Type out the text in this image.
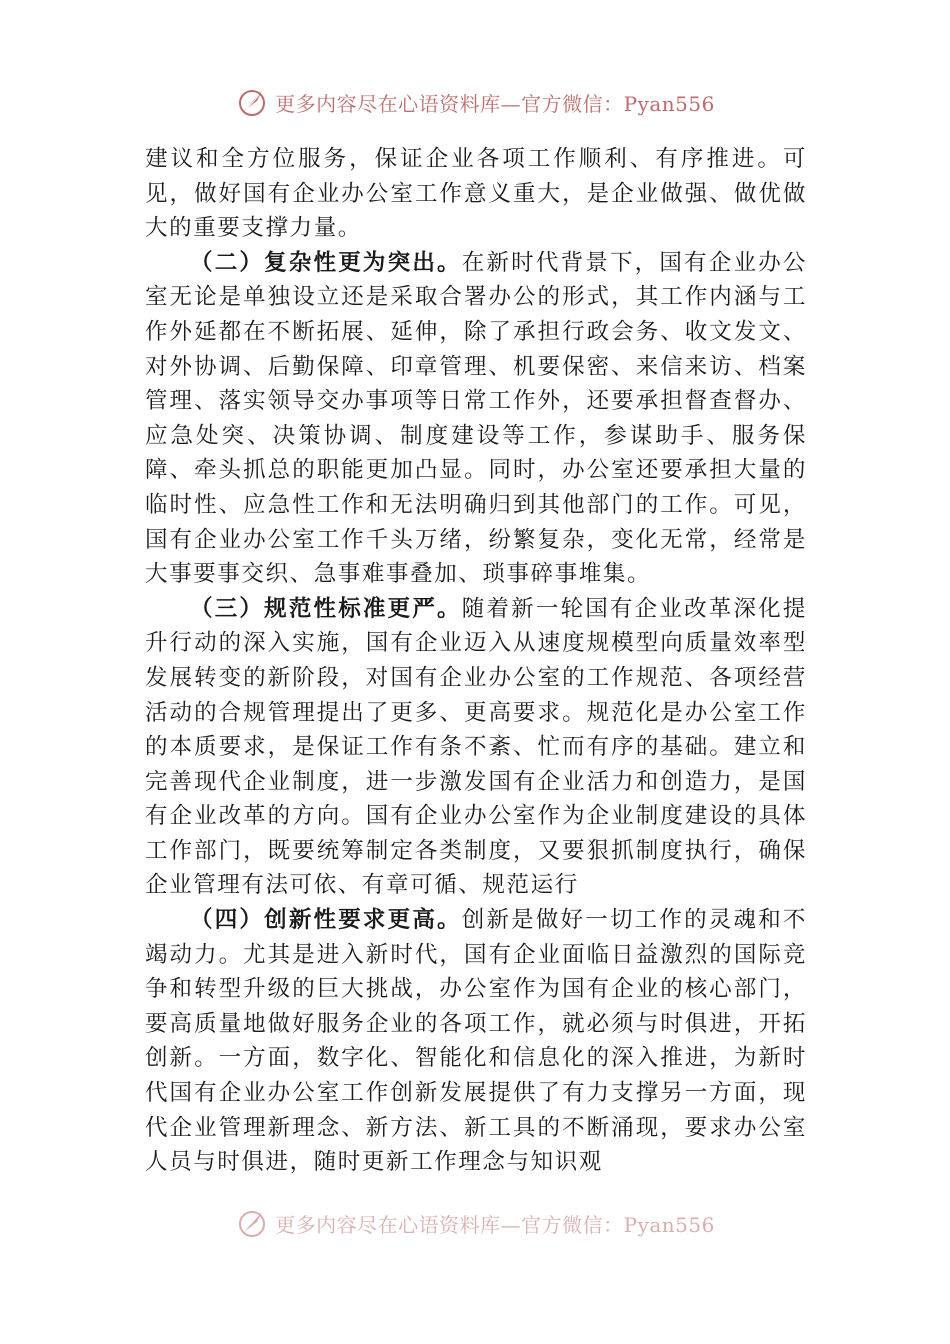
更多内容尽在心语资料库—官方微信：Pyan556

建议和全方位服务，保证企业各项工作顺利、有序推进。可见，做好国有企业办公室工作意义重大，是企业做强、做优做大的重要支撑力量。

（二）复杂性更为突出。在新时代背景下，国有企业办公室无论是单独设立还是采取合署办公的形式，其工作内涵与工作外延都在不断拓展、延伸，除了承担行政会务、收文发文、对外协调、后勤保障、印章管理、机要保密、来信来访、档案管理、落实领导交办事项等日常工作外，还要承担督查督办、应急处突、决策协调、制度建设等工作，参谋助手、服务保障、牵头抓总的职能更加凸显。同时，办公室还要承担大量的临时性、应急性工作和无法明确归到其他部门的工作。可见，国有企业办公室工作千头万绪，纷繁复杂，变化无常，经常是大事要事交织、急事难事叠加、琐事碎事堆集。

（三）规范性标准更严。随着新一轮国有企业改革深化提升行动的深入实施，国有企业迈入从速度规模型向质量效率型发展转变的新阶段，对国有企业办公室的工作规范、各项经营活动的合规管理提出了更多、更高要求。规范化是办公室工作的本质要求，是保证工作有条不紊、忙而有序的基础。建立和完善现代企业制度，进一步激发国有企业活力和创造力，是国有企业改革的方向。国有企业办公室作为企业制度建设的具体工作部门，既要统筹制定各类制度，又要狠抓制度执行，确保企业管理有法可依、有章可循、规范运行

（四）创新性要求更高。创新是做好一切工作的灵魂和不竭动力。尤其是进入新时代，国有企业面临日益激烈的国际竞争和转型升级的巨大挑战，办公室作为国有企业的核心部门，要高质量地做好服务企业的各项工作，就必须与时俱进，开拓创新。一方面，数字化、智能化和信息化的深入推进，为新时代国有企业办公室工作创新发展提供了有力支撑另一方面，现代企业管理新理念、新方法、新工具的不断涌现，要求办公室人员与时俱进，随时更新工作理念与知识观

更多内容尽在心语资料库—官方微信：Pyan556
